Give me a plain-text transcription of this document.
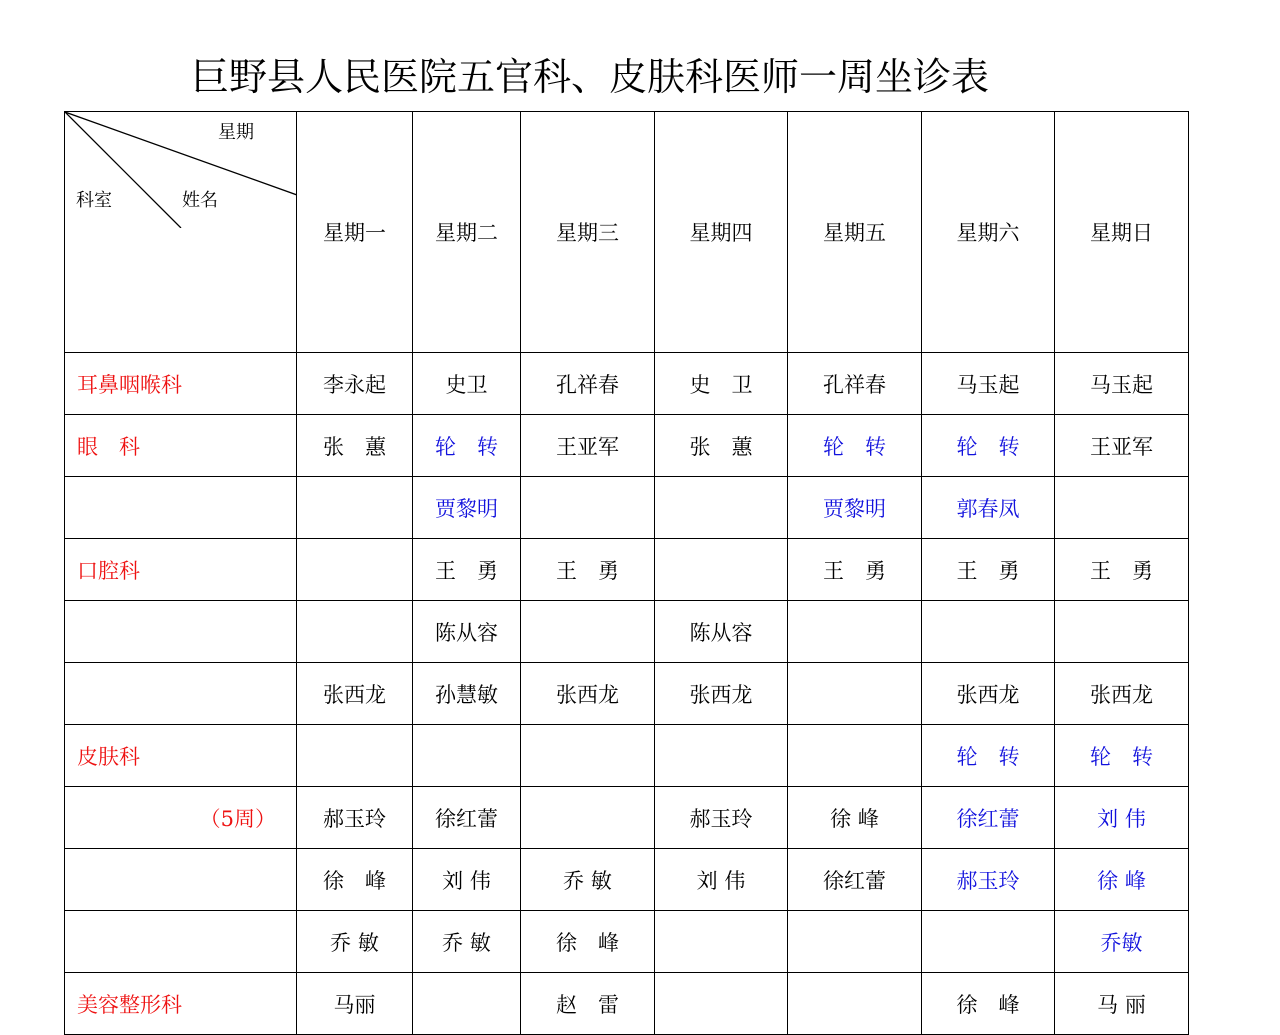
巨野县人民医院五官科、皮肤科医师一周坐诊表

星期

姓名

科室	星期一	星期二	星期三	星期四	星期五	星期六	星期日
耳鼻咽喉科	李永起	史卫	孔祥春	史　卫	孔祥春	马玉起	马玉起
眼　科	张　蕙	轮　转	王亚军	张　蕙	轮　转	轮　转	王亚军
		贾黎明			贾黎明	郭春凤	
口腔科		王　勇	王　勇		王　勇	王　勇	王　勇
		陈从容		陈从容			
	张西龙	孙慧敏	张西龙	张西龙		张西龙	张西龙
皮肤科						轮　转	轮　转
（5周）	郝玉玲	徐红蕾		郝玉玲	徐 峰	徐红蕾	刘 伟
	徐　峰	刘 伟	乔 敏	刘 伟	徐红蕾	郝玉玲	徐 峰
	乔 敏	乔 敏	徐　峰				乔敏
美容整形科	马丽		赵　雷			徐　峰	马 丽
